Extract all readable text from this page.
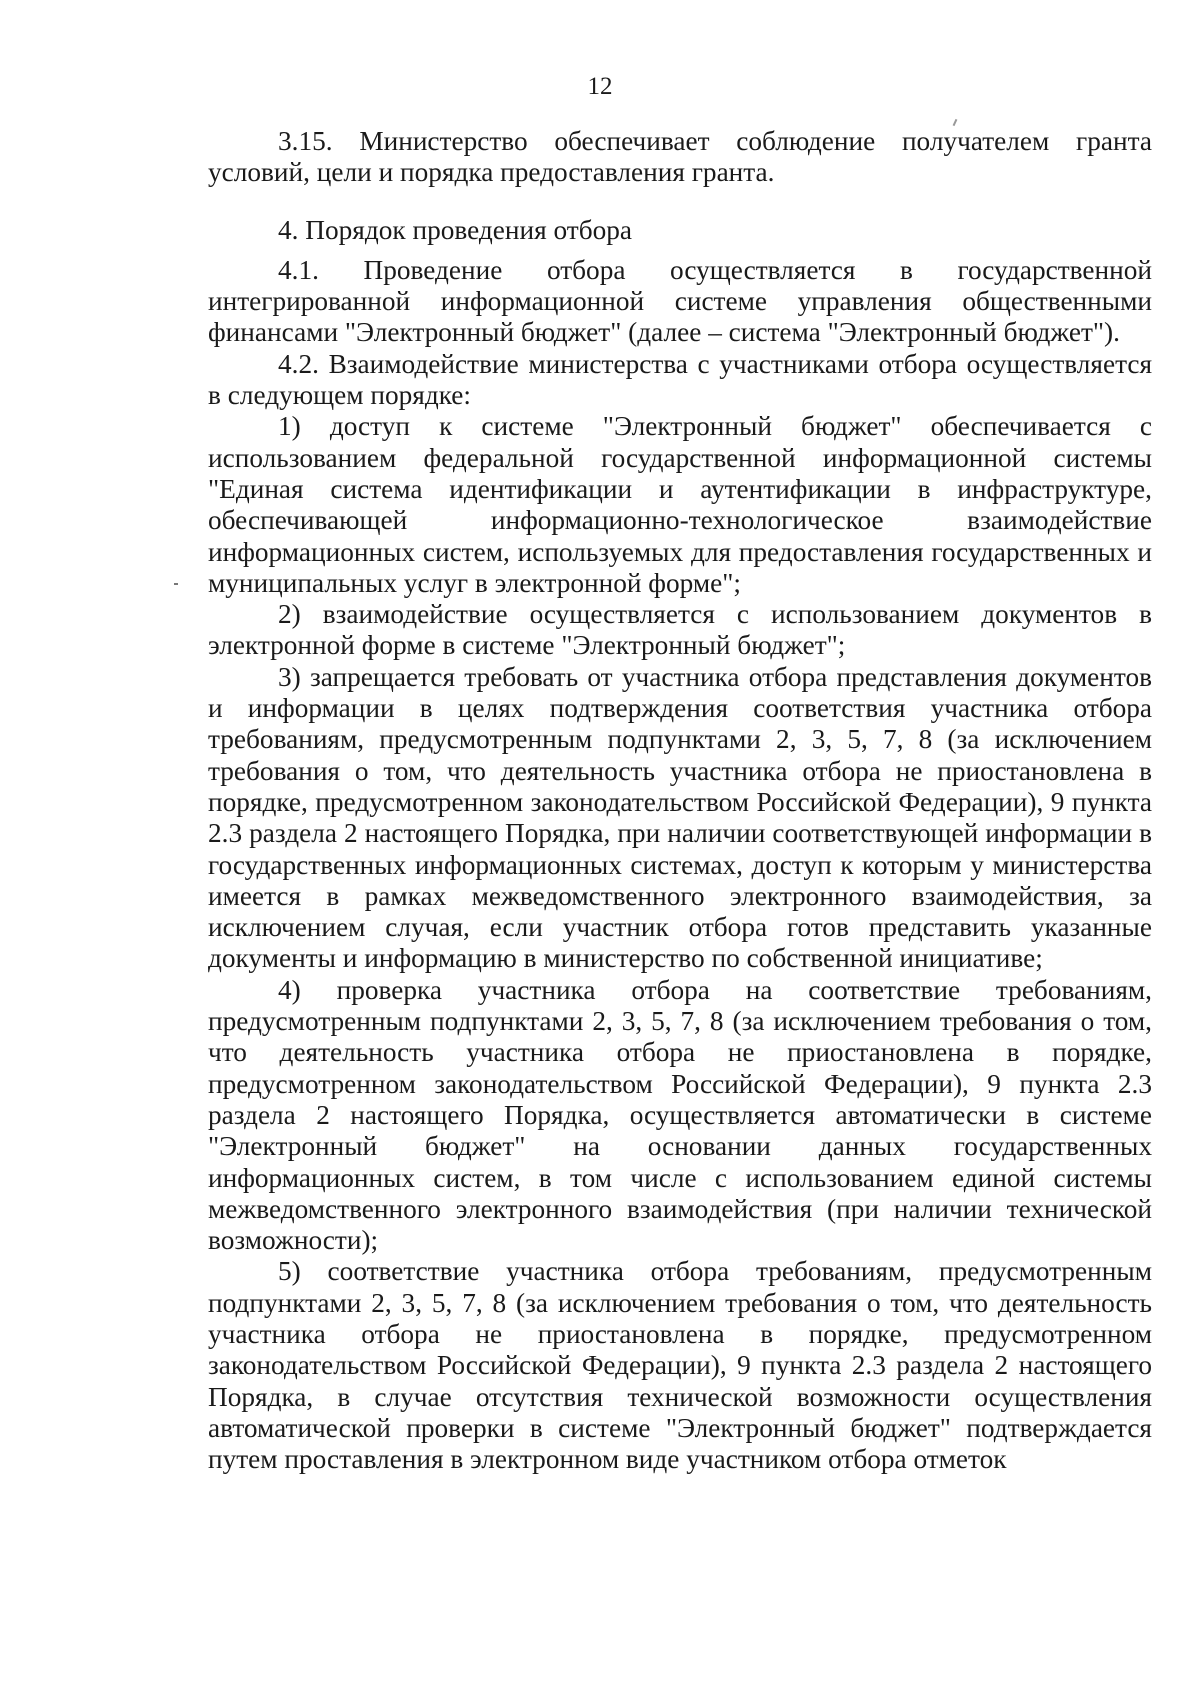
12

3.15. Министерство обеспечивает соблюдение получателем гранта условий, цели и порядка предоставления гранта.

4. Порядок проведения отбора

4.1. Проведение отбора осуществляется в государственной интегрированной информационной системе управления общественными финансами "Электронный бюджет" (далее – система "Электронный бюджет").

4.2. Взаимодействие министерства с участниками отбора осуществляется в следующем порядке:

1) доступ к системе "Электронный бюджет" обеспечивается с использованием федеральной государственной информационной системы "Единая система идентификации и аутентификации в инфраструктуре, обеспечивающей информационно-технологическое взаимодействие информационных систем, используемых для предоставления государственных и муниципальных услуг в электронной форме";

2) взаимодействие осуществляется с использованием документов в электронной форме в системе "Электронный бюджет";

3) запрещается требовать от участника отбора представления документов и информации в целях подтверждения соответствия участника отбора требованиям, предусмотренным подпунктами 2, 3, 5, 7, 8 (за исключением требования о том, что деятельность участника отбора не приостановлена в порядке, предусмотренном законодательством Российской Федерации), 9 пункта 2.3 раздела 2 настоящего Порядка, при наличии соответствующей информации в государственных информационных системах, доступ к которым у министерства имеется в рамках межведомственного электронного взаимодействия, за исключением случая, если участник отбора готов представить указанные документы и информацию в министерство по собственной инициативе;

4) проверка участника отбора на соответствие требованиям, предусмотренным подпунктами 2, 3, 5, 7, 8 (за исключением требования о том, что деятельность участника отбора не приостановлена в порядке, предусмотренном законодательством Российской Федерации), 9 пункта 2.3 раздела 2 настоящего Порядка, осуществляется автоматически в системе "Электронный бюджет" на основании данных государственных информационных систем, в том числе с использованием единой системы межведомственного электронного взаимодействия (при наличии технической возможности);

5) соответствие участника отбора требованиям, предусмотренным подпунктами 2, 3, 5, 7, 8 (за исключением требования о том, что деятельность участника отбора не приостановлена в порядке, предусмотренном законодательством Российской Федерации), 9 пункта 2.3 раздела 2 настоящего Порядка, в случае отсутствия технической возможности осуществления автоматической проверки в системе "Электронный бюджет" подтверждается путем проставления в электронном виде участником отбора отметок
